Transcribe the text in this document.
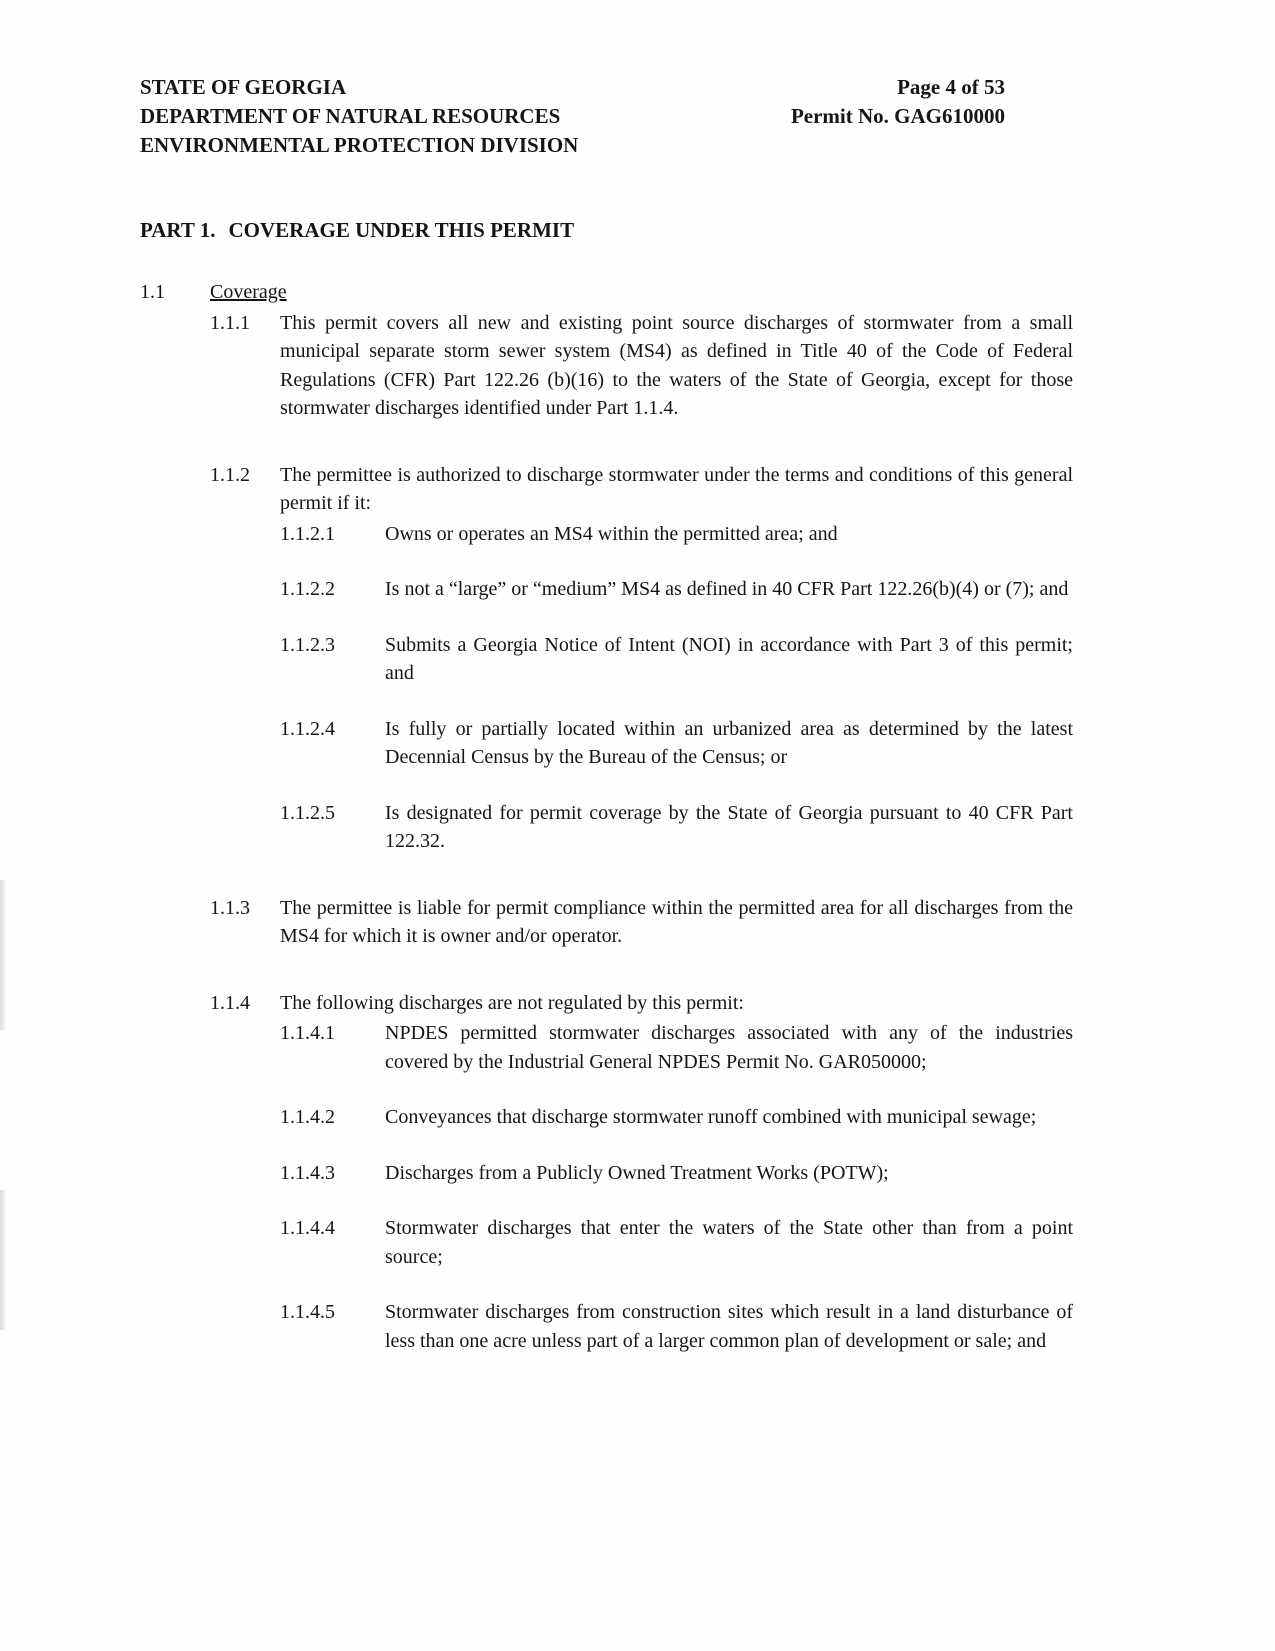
STATE OF GEORGIA
DEPARTMENT OF NATURAL RESOURCES
ENVIRONMENTAL PROTECTION DIVISION
Page 4 of 53
Permit No. GAG610000
PART 1. COVERAGE UNDER THIS PERMIT
1.1	Coverage
1.1.1	This permit covers all new and existing point source discharges of stormwater from a small municipal separate storm sewer system (MS4) as defined in Title 40 of the Code of Federal Regulations (CFR) Part 122.26 (b)(16) to the waters of the State of Georgia, except for those stormwater discharges identified under Part 1.1.4.
1.1.2	The permittee is authorized to discharge stormwater under the terms and conditions of this general permit if it:
1.1.2.1	Owns or operates an MS4 within the permitted area; and
1.1.2.2	Is not a “large” or “medium” MS4 as defined in 40 CFR Part 122.26(b)(4) or (7); and
1.1.2.3	Submits a Georgia Notice of Intent (NOI) in accordance with Part 3 of this permit; and
1.1.2.4	Is fully or partially located within an urbanized area as determined by the latest Decennial Census by the Bureau of the Census; or
1.1.2.5	Is designated for permit coverage by the State of Georgia pursuant to 40 CFR Part 122.32.
1.1.3	The permittee is liable for permit compliance within the permitted area for all discharges from the MS4 for which it is owner and/or operator.
1.1.4	The following discharges are not regulated by this permit:
1.1.4.1	NPDES permitted stormwater discharges associated with any of the industries covered by the Industrial General NPDES Permit No. GAR050000;
1.1.4.2	Conveyances that discharge stormwater runoff combined with municipal sewage;
1.1.4.3	Discharges from a Publicly Owned Treatment Works (POTW);
1.1.4.4	Stormwater discharges that enter the waters of the State other than from a point source;
1.1.4.5	Stormwater discharges from construction sites which result in a land disturbance of less than one acre unless part of a larger common plan of development or sale; and
